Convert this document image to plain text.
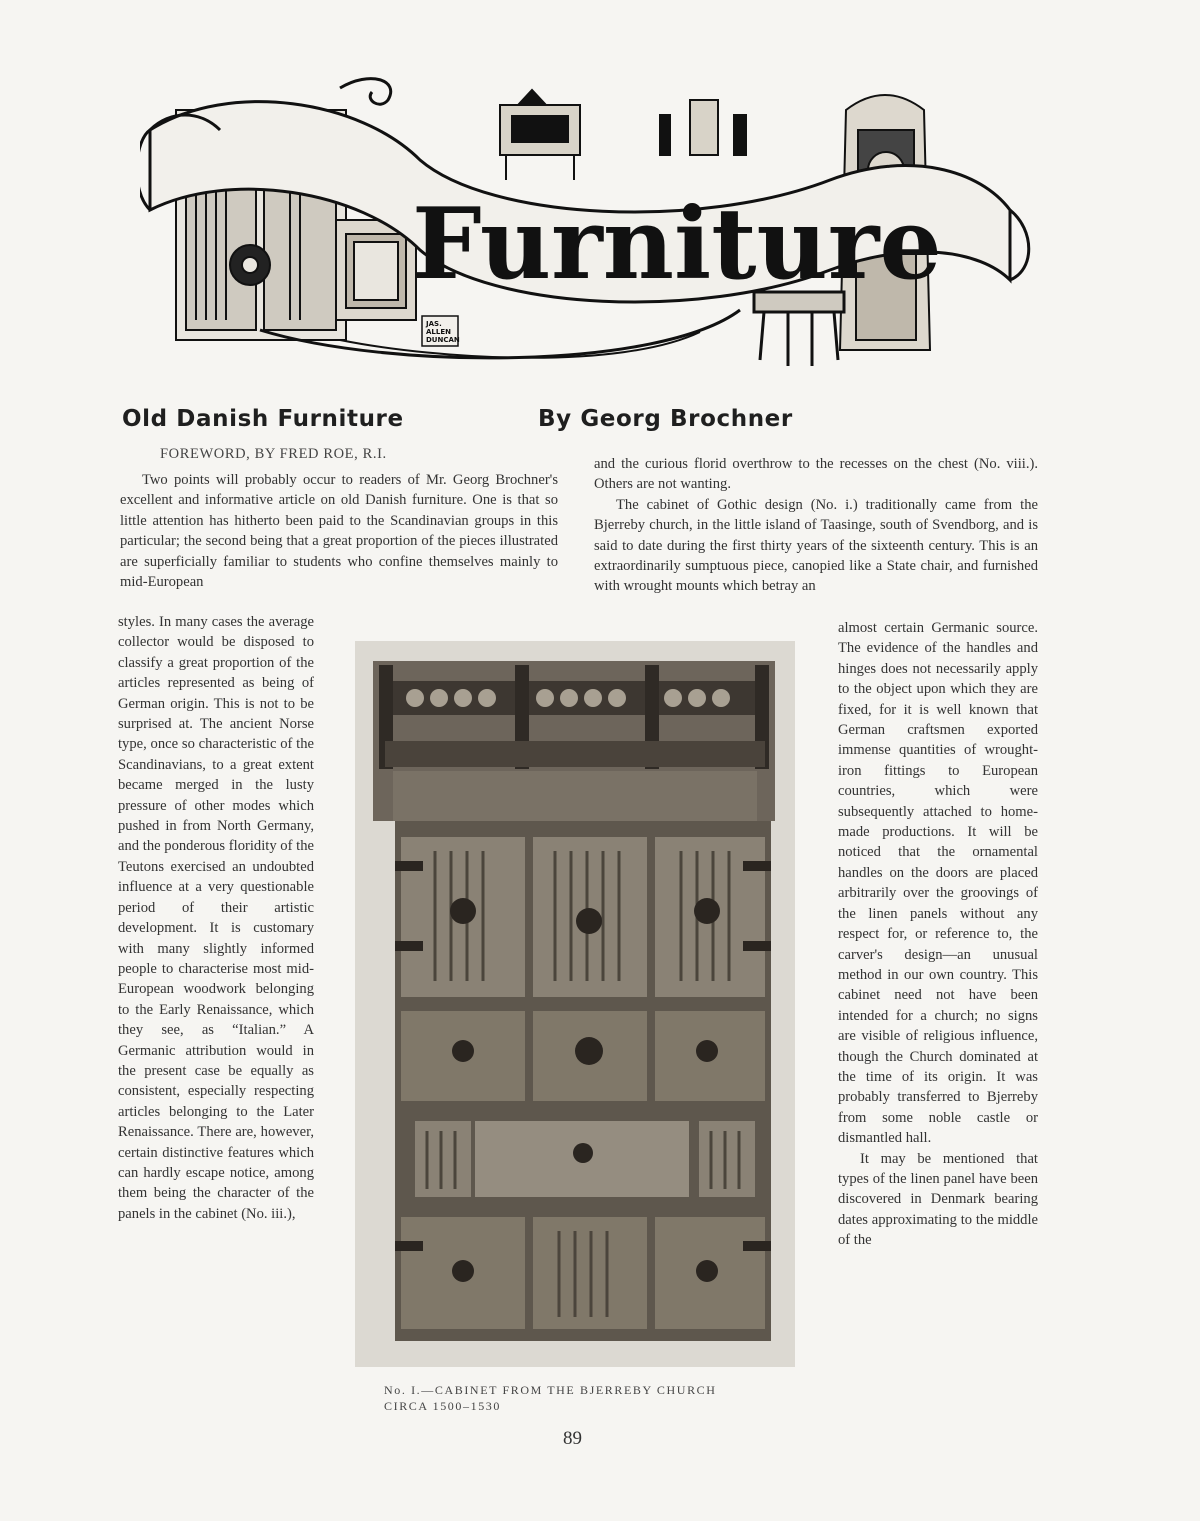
Furniture
JAS.
ALLEN
DUNCAN
Old Danish Furniture	By Georg Brochner
FOREWORD, BY FRED ROE, R.I.

Two points will probably occur to readers of Mr. Georg Brochner's excellent and informative article on old Danish furniture. One is that so little attention has hitherto been paid to the Scandinavian groups in this particular; the second being that a great proportion of the pieces illustrated are superficially familiar to students who confine themselves mainly to mid-European

styles. In many cases the average collector would be disposed to classify a great proportion of the articles represented as being of German origin. This is not to be surprised at. The ancient Norse type, once so characteristic of the Scandinavians, to a great extent became merged in the lusty pressure of other modes which pushed in from North Germany, and the ponderous floridity of the Teutons exercised an undoubted influence at a very questionable period of their artistic development. It is customary with many slightly informed people to characterise most mid-European woodwork belonging to the Early Renaissance, which they see, as “Italian.” A Germanic attribution would in the present case be equally as consistent, especially respecting articles belonging to the Later Renaissance. There are, however, certain distinctive features which can hardly escape notice, among them being the character of the panels in the cabinet (No. iii.),

and the curious florid overthrow to the recesses on the chest (No. viii.). Others are not wanting.

The cabinet of Gothic design (No. i.) traditionally came from the Bjerreby church, in the little island of Taasinge, south of Svendborg, and is said to date during the first thirty years of the sixteenth century. This is an extraordinarily sumptuous piece, canopied like a State chair, and furnished with wrought mounts which betray an

almost certain Germanic source. The evidence of the handles and hinges does not necessarily apply to the object upon which they are fixed, for it is well known that German craftsmen exported immense quantities of wrought-iron fittings to European countries, which were subsequently attached to home-made productions. It will be noticed that the ornamental handles on the doors are placed arbitrarily over the groovings of the linen panels without any respect for, or reference to, the carver's design—an unusual method in our own country. This cabinet need not have been intended for a church; no signs are visible of religious influence, though the Church dominated at the time of its origin. It was probably transferred to Bjerreby from some noble castle or dismantled hall.

It may be mentioned that types of the linen panel have been discovered in Denmark bearing dates approximating to the middle of the

No. I.—CABINET FROM THE BJERREBY CHURCH
CIRCA 1500–1530
89
